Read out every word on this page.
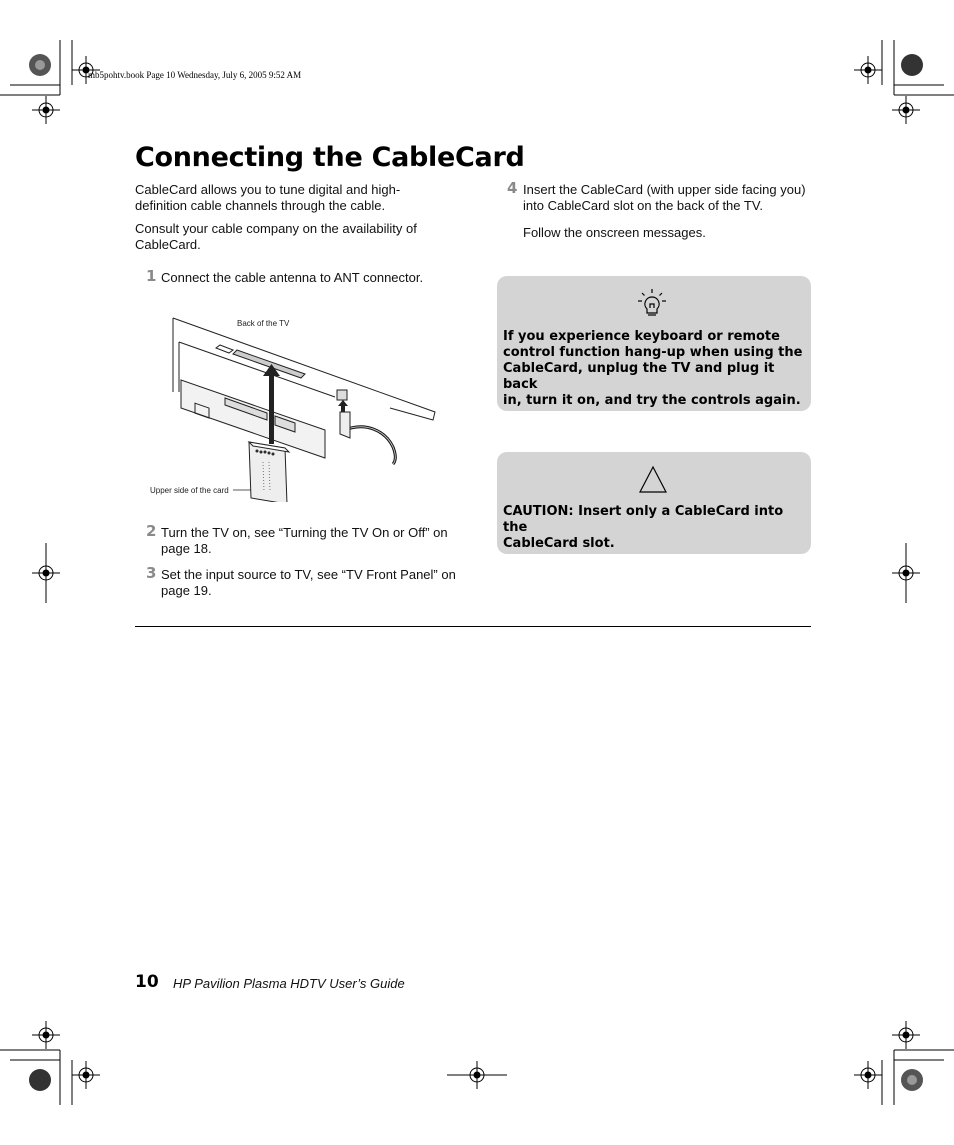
mb5pohtv.book Page 10 Wednesday, July 6, 2005 9:52 AM
Connecting the CableCard
CableCard allows you to tune digital and high-
definition cable channels through the cable.
Consult your cable company on the availability of
CableCard.
1 Connect the cable antenna to ANT connector.
Back of the TV
Upper side of the card
2 Turn the TV on, see “Turning the TV On or Off” on
page 18.
3 Set the input source to TV, see “TV Front Panel” on
page 19.
4 Insert the CableCard (with upper side facing you)
into CableCard slot on the back of the TV.
Follow the onscreen messages.
If you experience keyboard or remote
control function hang-up when using the
CableCard, unplug the TV and plug it back
in, turn it on, and try the controls again.
CAUTION: Insert only a CableCard into the
CableCard slot.
10 HP Pavilion Plasma HDTV User’s Guide
